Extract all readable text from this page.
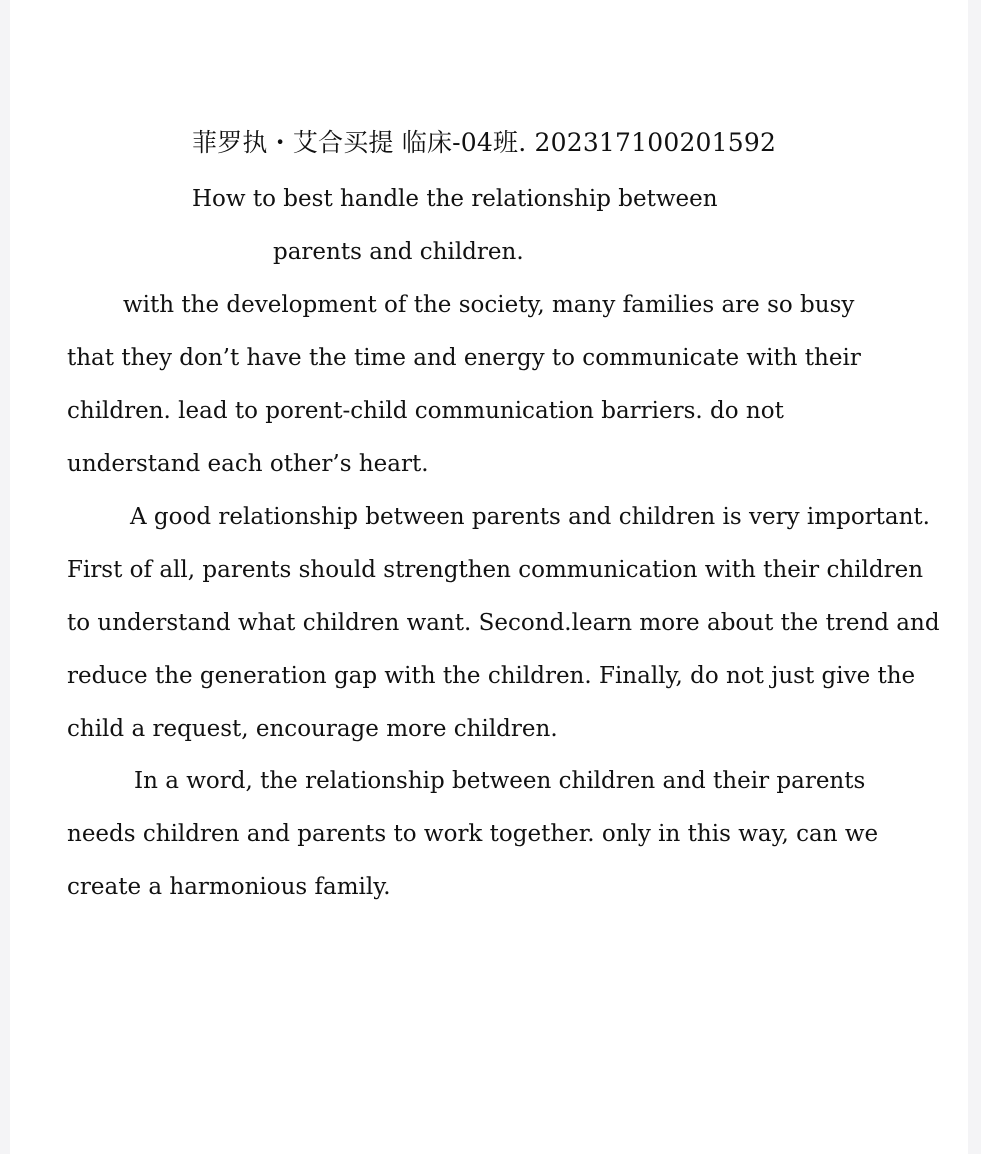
菲罗执・艾合买提 临床-04班. 202317100201592
How to best handle the relationship between
parents and children.
with the development of the society, many families are so busy
that they don’t have the time and energy to communicate with their
children. lead to porent-child communication barriers. do not
understand each other’s heart.
A good relationship between parents and children is very important.
First of all, parents should strengthen communication with their children
to understand what children want. Second.learn more about the trend and
reduce the generation gap with the children. Finally, do not just give the
child a request, encourage more children.
In a word, the relationship between children and their parents
needs children and parents to work together. only in this way, can we
create a harmonious family.
